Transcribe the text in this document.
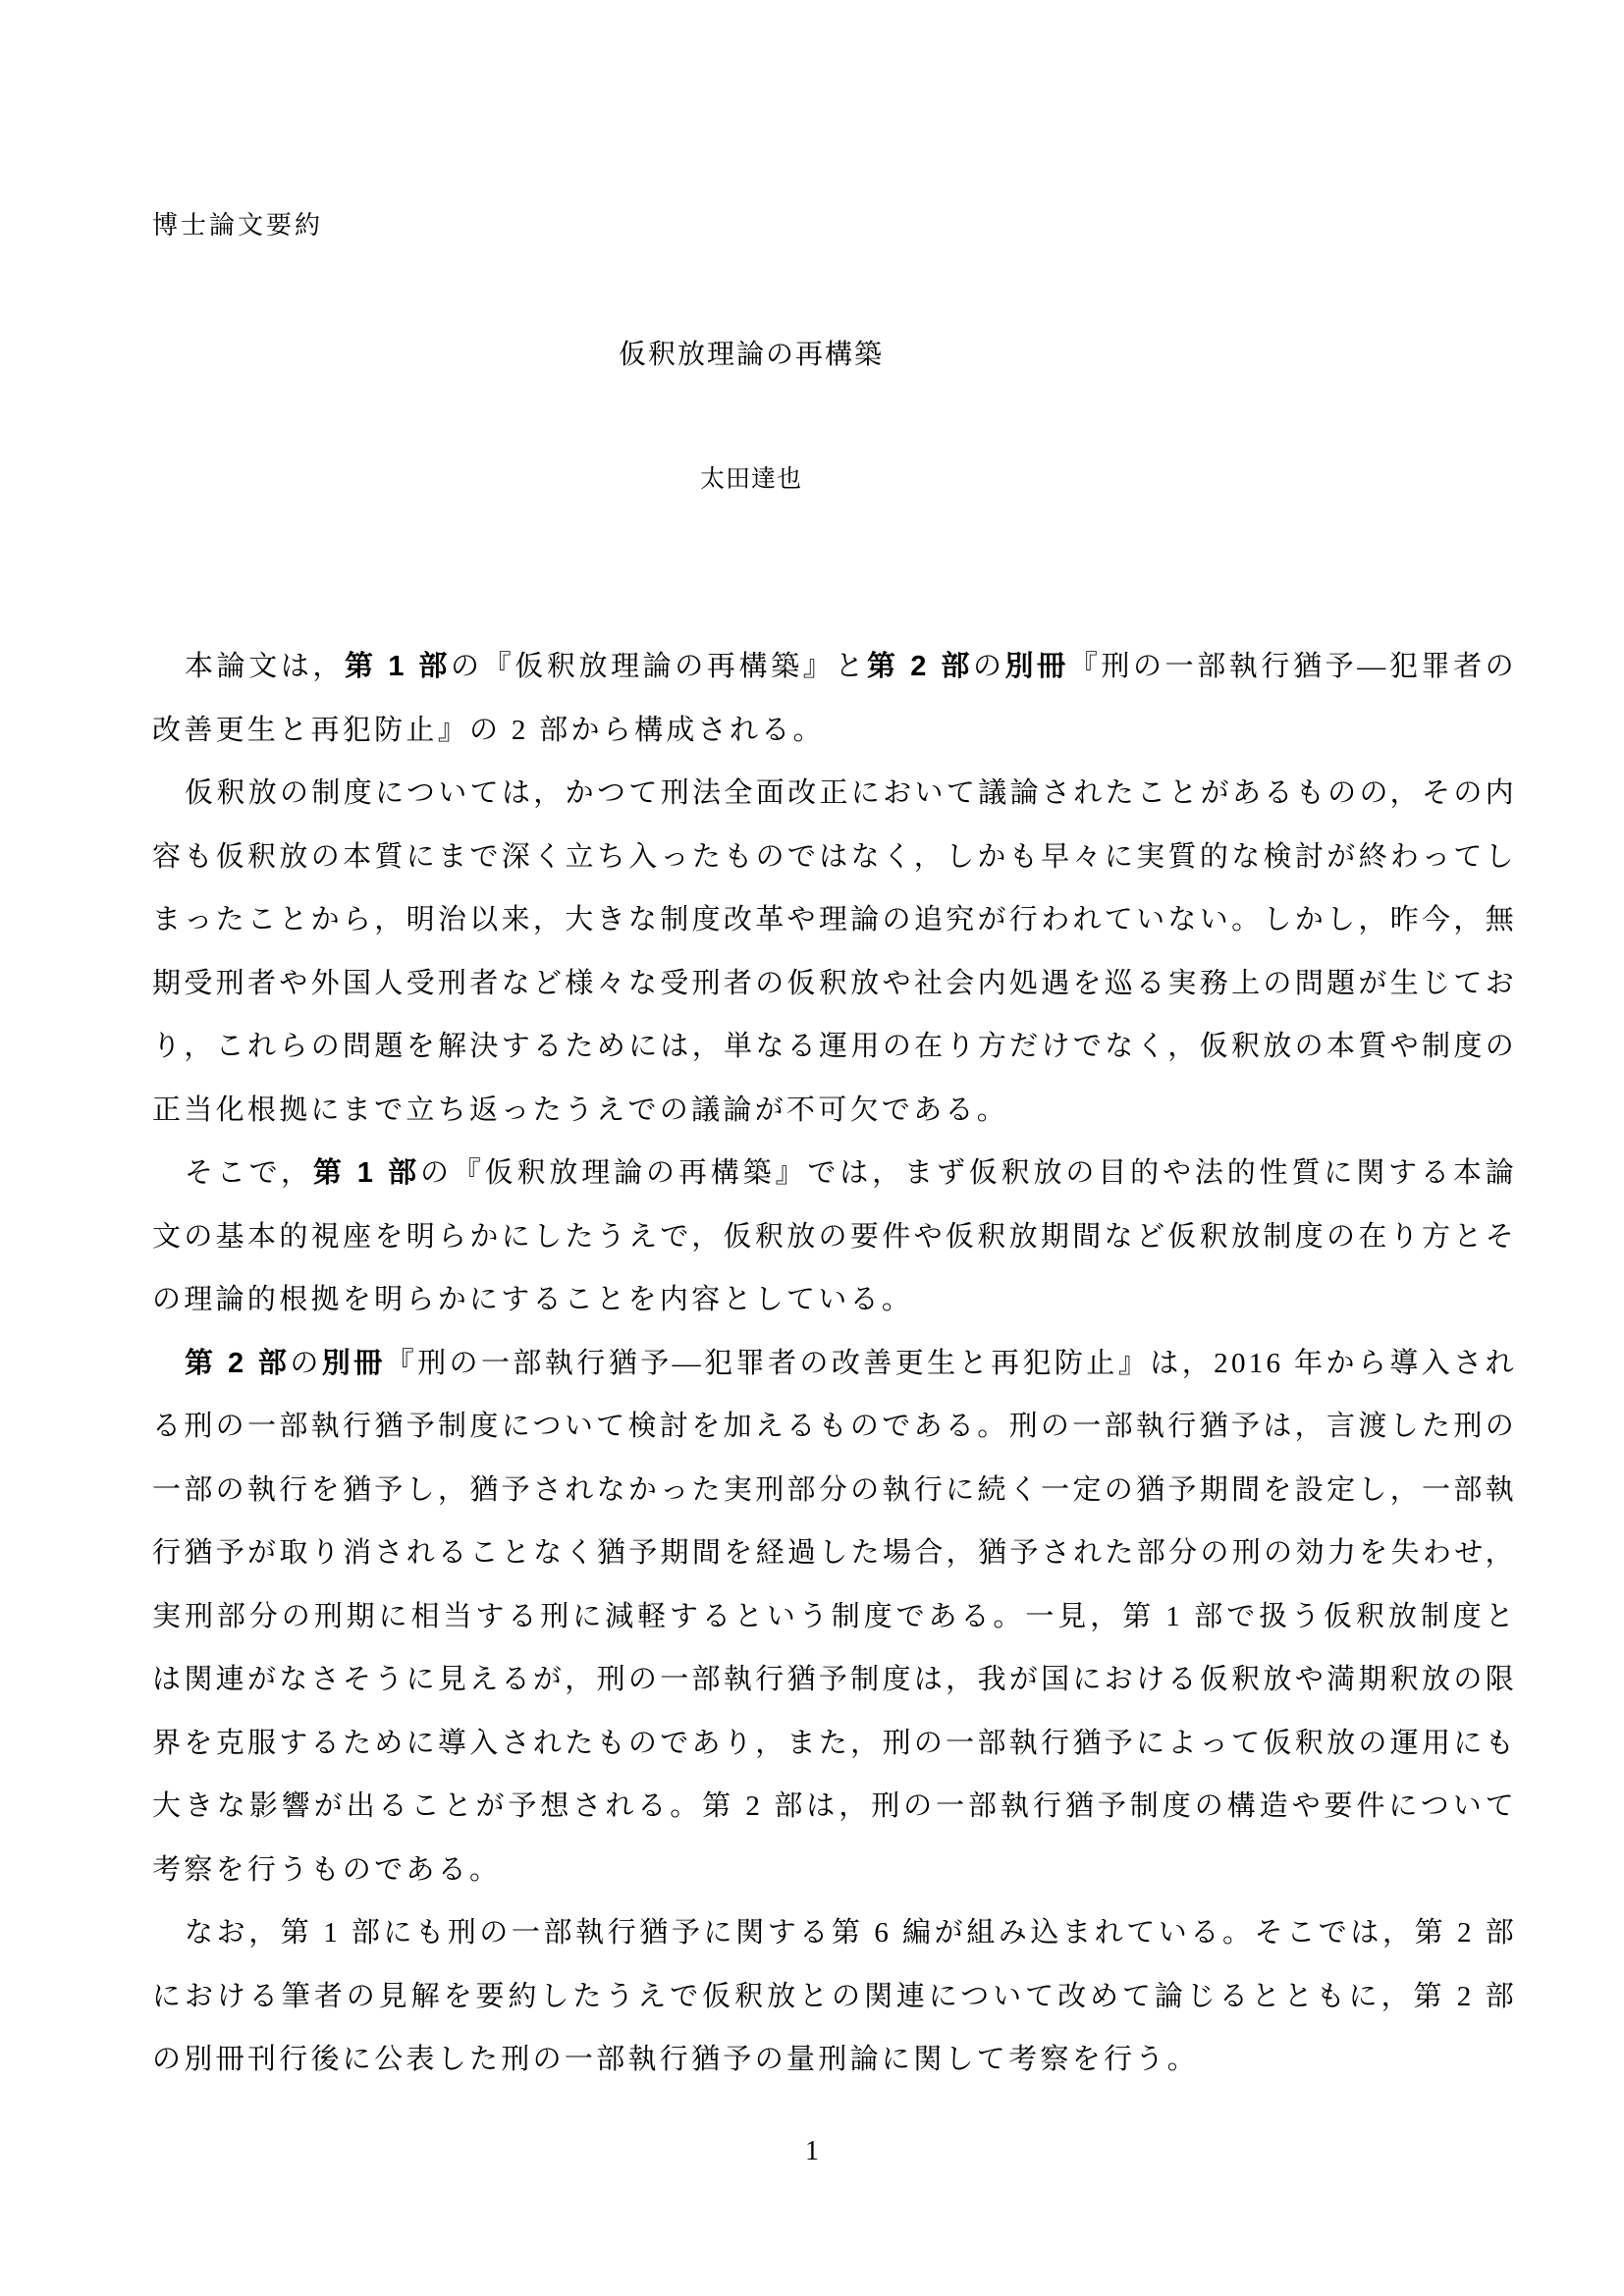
博士論文要約
仮釈放理論の再構築
太田達也

本論文は，第 1 部の『仮釈放理論の再構築』と第 2 部の別冊『刑の一部執行猶予―犯罪者の改善更生と再犯防止』の 2 部から構成される。

仮釈放の制度については，かつて刑法全面改正において議論されたことがあるものの，その内容も仮釈放の本質にまで深く立ち入ったものではなく，しかも早々に実質的な検討が終わってしまったことから，明治以来，大きな制度改革や理論の追究が行われていない。しかし，昨今，無期受刑者や外国人受刑者など様々な受刑者の仮釈放や社会内処遇を巡る実務上の問題が生じており，これらの問題を解決するためには，単なる運用の在り方だけでなく，仮釈放の本質や制度の正当化根拠にまで立ち返ったうえでの議論が不可欠である。

そこで，第 1 部の『仮釈放理論の再構築』では，まず仮釈放の目的や法的性質に関する本論文の基本的視座を明らかにしたうえで，仮釈放の要件や仮釈放期間など仮釈放制度の在り方とその理論的根拠を明らかにすることを内容としている。

第 2 部の別冊『刑の一部執行猶予―犯罪者の改善更生と再犯防止』は，2016 年から導入される刑の一部執行猶予制度について検討を加えるものである。刑の一部執行猶予は，言渡した刑の一部の執行を猶予し，猶予されなかった実刑部分の執行に続く一定の猶予期間を設定し，一部執行猶予が取り消されることなく猶予期間を経過した場合，猶予された部分の刑の効力を失わせ，実刑部分の刑期に相当する刑に減軽するという制度である。一見，第 1 部で扱う仮釈放制度とは関連がなさそうに見えるが，刑の一部執行猶予制度は，我が国における仮釈放や満期釈放の限界を克服するために導入されたものであり，また，刑の一部執行猶予によって仮釈放の運用にも大きな影響が出ることが予想される。第 2 部は，刑の一部執行猶予制度の構造や要件について考察を行うものである。

なお，第 1 部にも刑の一部執行猶予に関する第 6 編が組み込まれている。そこでは，第 2 部における筆者の見解を要約したうえで仮釈放との関連について改めて論じるとともに，第 2 部の別冊刊行後に公表した刑の一部執行猶予の量刑論に関して考察を行う。

1
